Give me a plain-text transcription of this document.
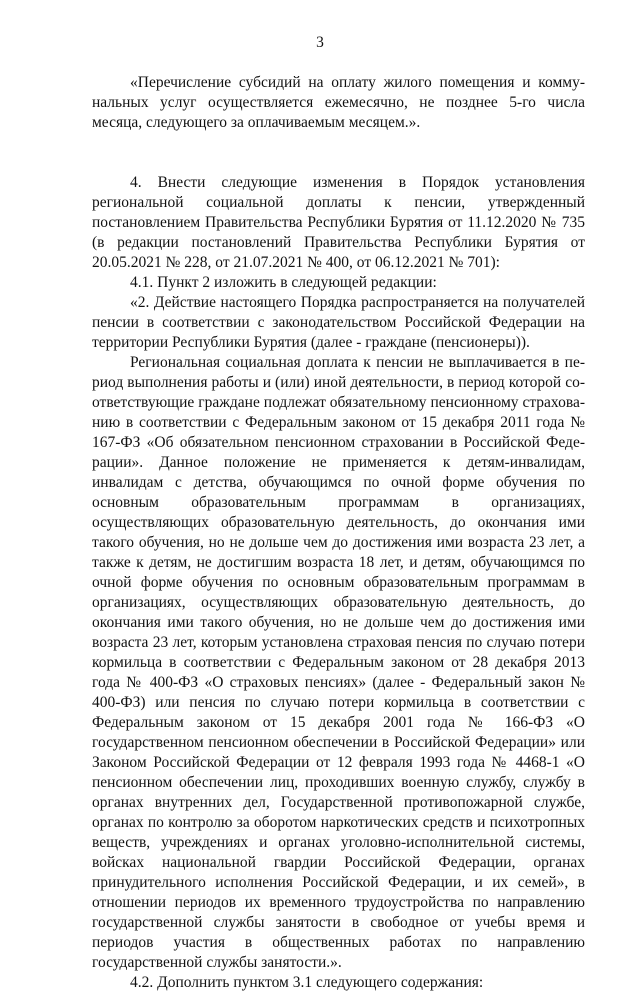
3

«Перечисление субсидий на оплату жилого помещения и коммунальных услуг осуществляется ежемесячно, не позднее 5-го числа месяца, следующего за оплачиваемым месяцем.».

4. Внести следующие изменения в Порядок установления региональной социальной доплаты к пенсии, утвержденный постановлением Правительства Республики Бурятия от 11.12.2020 № 735 (в редакции постановлений Правительства Республики Бурятия от 20.05.2021 № 228, от 21.07.2021 № 400, от 06.12.2021 № 701):

4.1. Пункт 2 изложить в следующей редакции:

«2. Действие настоящего Порядка распространяется на получателей пенсии в соответствии с законодательством Российской Федерации на территории Республики Бурятия (далее - граждане (пенсионеры)).

Региональная социальная доплата к пенсии не выплачивается в период выполнения работы и (или) иной деятельности, в период которой соответствующие граждане подлежат обязательному пенсионному страхованию в соответствии с Федеральным законом от 15 декабря 2011 года № 167-ФЗ «Об обязательном пенсионном страховании в Российской Федерации». Данное положение не применяется к детям-инвалидам, инвалидам с детства, обучающимся по очной форме обучения по основным образовательным программам в организациях, осуществляющих образовательную деятельность, до окончания ими такого обучения, но не дольше чем до достижения ими возраста 23 лет, а также к детям, не достигшим возраста 18 лет, и детям, обучающимся по очной форме обучения по основным образовательным программам в организациях, осуществляющих образовательную деятельность, до окончания ими такого обучения, но не дольше чем до достижения ими возраста 23 лет, которым установлена страховая пенсия по случаю потери кормильца в соответствии с Федеральным законом от 28 декабря 2013 года № 400-ФЗ «О страховых пенсиях» (далее - Федеральный закон № 400-ФЗ) или пенсия по случаю потери кормильца в соответствии с Федеральным законом от 15 декабря 2001 года № 166-ФЗ «О государственном пенсионном обеспечении в Российской Федерации» или Законом Российской Федерации от 12 февраля 1993 года № 4468-1 «О пенсионном обеспечении лиц, проходивших военную службу, службу в органах внутренних дел, Государственной противопожарной службе, органах по контролю за оборотом наркотических средств и психотропных веществ, учреждениях и органах уголовно-исполнительной системы, войсках национальной гвардии Российской Федерации, органах принудительного исполнения Российской Федерации, и их семей», в отношении периодов их временного трудоустройства по направлению государственной службы занятости в свободное от учебы время и периодов участия в общественных работах по направлению государственной службы занятости.».

4.2. Дополнить пунктом 3.1 следующего содержания:
